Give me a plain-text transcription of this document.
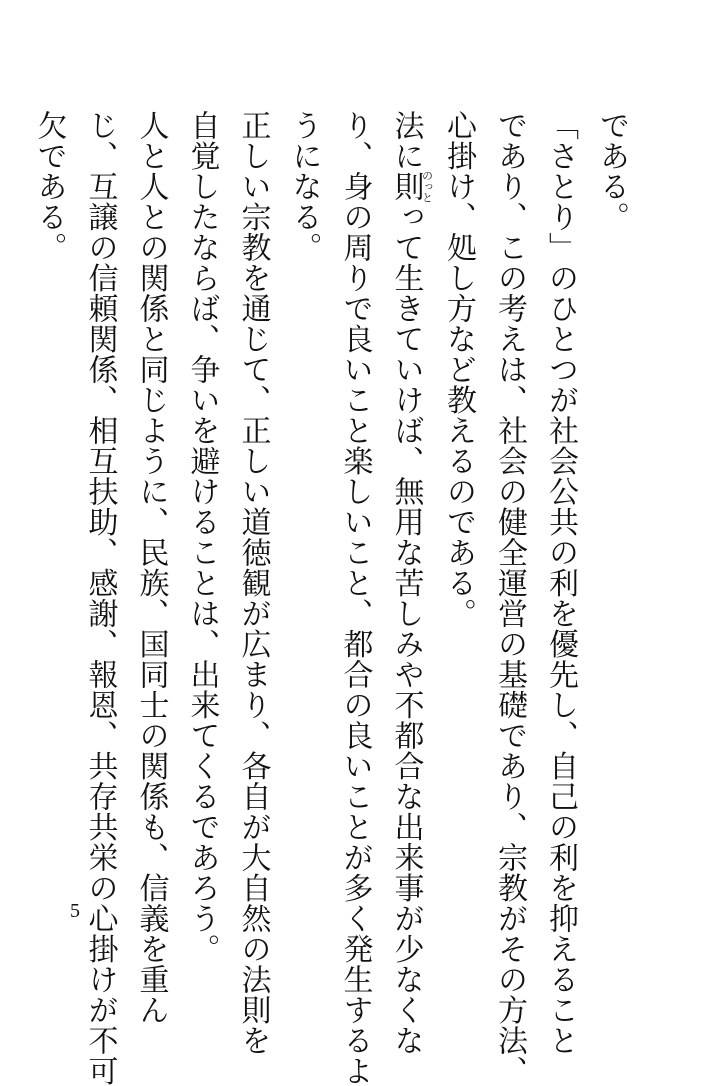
である。
「さとり」のひとつが社会公共の利を優先し、自己の利を抑えること
であり、この考えは、社会の健全運営の基礎であり、宗教がその方法、
心掛け、処し方など教えるのである。
法に則のっとって生きていけば、無用な苦しみや不都合な出来事が少なくな
り、身の周りで良いこと楽しいこと、都合の良いことが多く発生するよ
うになる。
正しい宗教を通じて、正しい道徳観が広まり、各自が大自然の法則を
自覚したならば、争いを避けることは、出来てくるであろう。
人と人との関係と同じように、民族、国同士の関係も、信義を重ん
じ、互譲の信頼関係、相互扶助、感謝、報恩、共存共栄の心掛けが不可
欠である。
5
